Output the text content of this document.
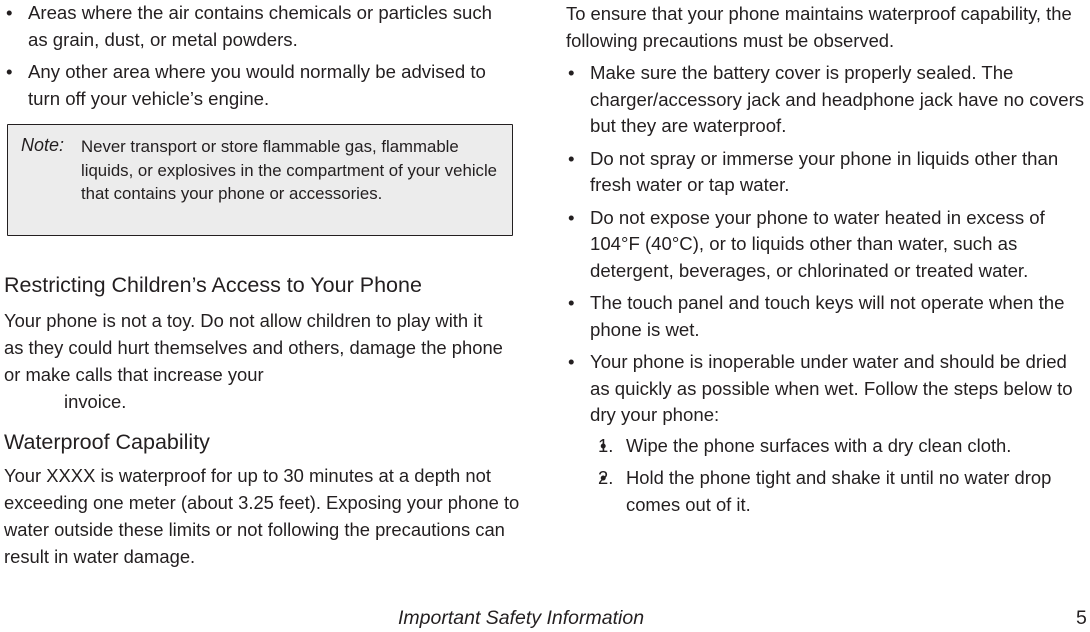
• Areas where the air contains chemicals or particles such as grain, dust, or metal powders.
• Any other area where you would normally be advised to turn off your vehicle’s engine.
Note: Never transport or store flammable gas, flammable liquids, or explosives in the compartment of your vehicle that contains your phone or accessories.
Restricting Children’s Access to Your Phone

Your phone is not a toy. Do not allow children to play with it as they could hurt themselves and others, damage the phone or make calls that increase your
invoice.

Waterproof Capability

Your XXXX is waterproof for up to 30 minutes at a depth not exceeding one meter (about 3.25 feet). Exposing your phone to water outside these limits or not following the precautions can result in water damage.

To ensure that your phone maintains waterproof capability, the following precautions must be observed.

• Make sure the battery cover is properly sealed. The charger/accessory jack and headphone jack have no covers but they are waterproof.
• Do not spray or immerse your phone in liquids other than fresh water or tap water.
• Do not expose your phone to water heated in excess of 104°F (40°C), or to liquids other than water, such as detergent, beverages, or chlorinated or treated water.
• The touch panel and touch keys will not operate when the phone is wet.
• Your phone is inoperable under water and should be dried as quickly as possible when wet. Follow the steps below to dry your phone:
• 1. Wipe the phone surfaces with a dry clean cloth.
• 2. Hold the phone tight and shake it until no water drop comes out of it.
Important Safety Information	5
